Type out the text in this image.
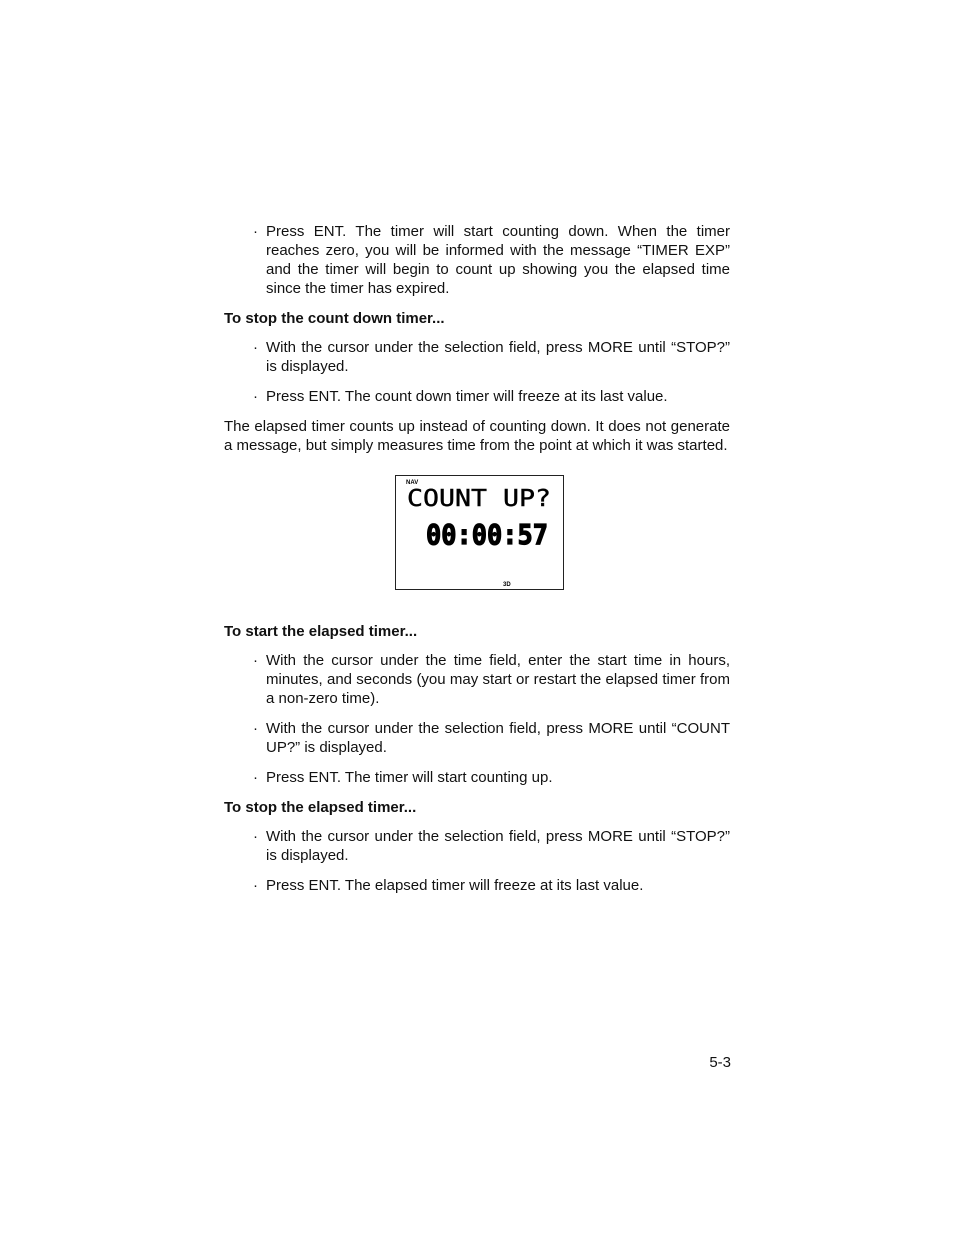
· Press ENT. The timer will start counting down. When the timer reaches zero, you will be informed with the message “TIMER EXP” and the timer will begin to count up showing you the elapsed time since the timer has expired.
To stop the count down timer...
· With the cursor under the selection field, press MORE until “STOP?” is displayed.
· Press ENT. The count down timer will freeze at its last value.
The elapsed timer counts up instead of counting down. It does not generate a message, but simply measures time from the point at which it was started.
NAV
COUNT UP?
00:00:57
3D
To start the elapsed timer...
· With the cursor under the time field, enter the start time in hours, minutes, and seconds (you may start or restart the elapsed timer from a non-zero time).
· With the cursor under the selection field, press MORE until “COUNT UP?” is displayed.
· Press ENT. The timer will start counting up.
To stop the elapsed timer...
· With the cursor under the selection field, press MORE until “STOP?” is displayed.
· Press ENT. The elapsed timer will freeze at its last value.
5-3
